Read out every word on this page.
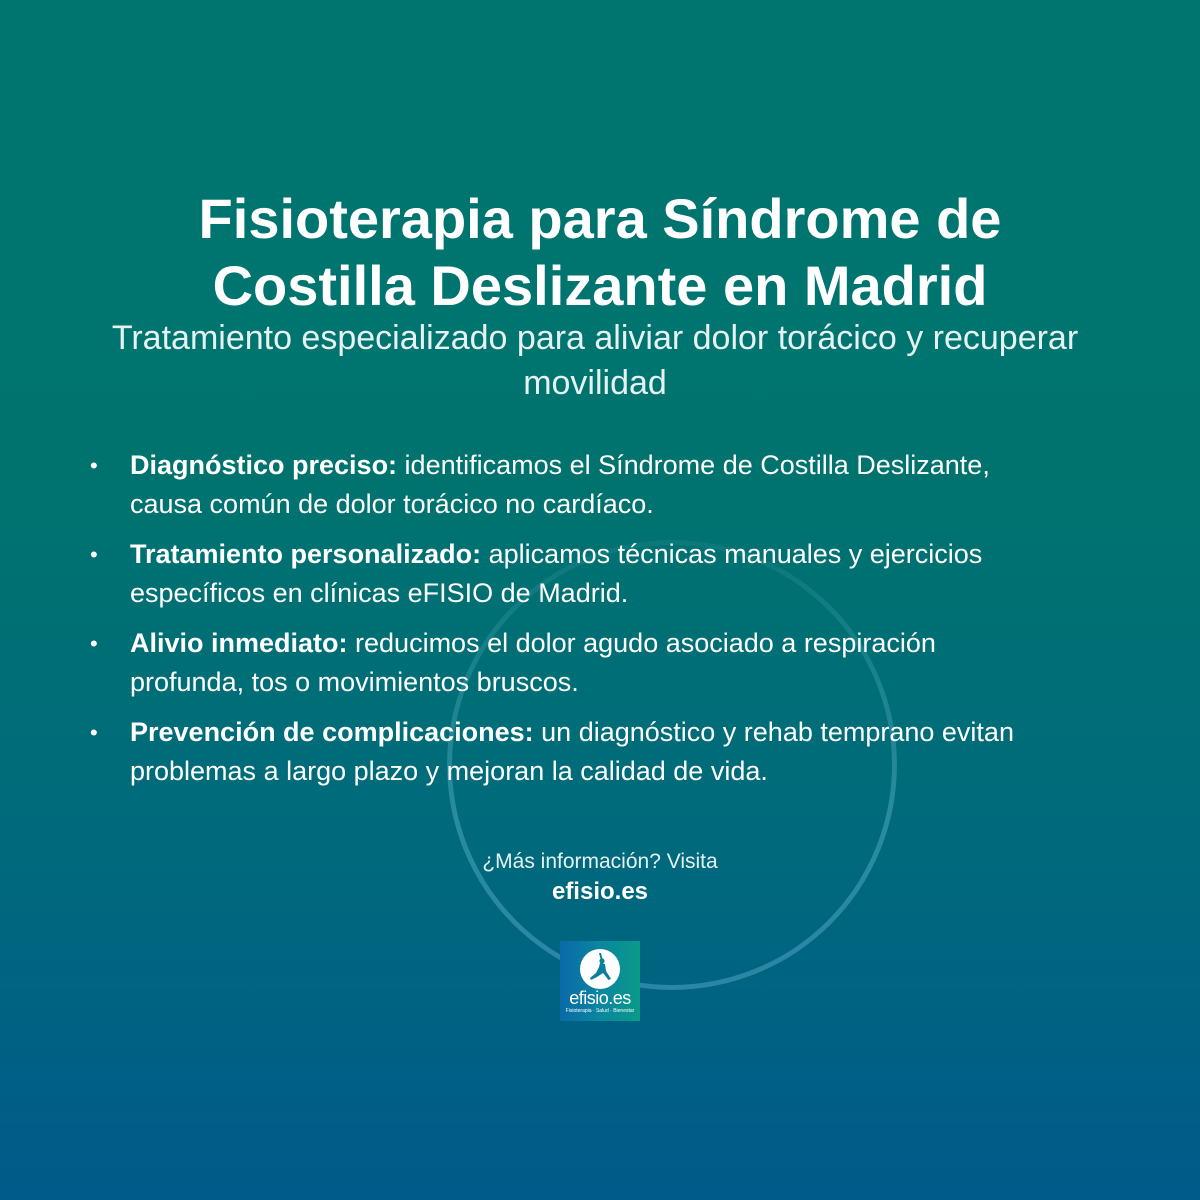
Fisioterapia para Síndrome de Costilla Deslizante en Madrid

Tratamiento especializado para aliviar dolor torácico y recuperar movilidad

• Diagnóstico preciso: identificamos el Síndrome de Costilla Deslizante, causa común de dolor torácico no cardíaco.
• Tratamiento personalizado: aplicamos técnicas manuales y ejercicios específicos en clínicas eFISIO de Madrid.
• Alivio inmediato: reducimos el dolor agudo asociado a respiración profunda, tos o movimientos bruscos.
• Prevención de complicaciones: un diagnóstico y rehab temprano evitan problemas a largo plazo y mejoran la calidad de vida.
¿Más información? Visita
efisio.es
efisio.es
Fisioterapia · Salud · Bienestar
